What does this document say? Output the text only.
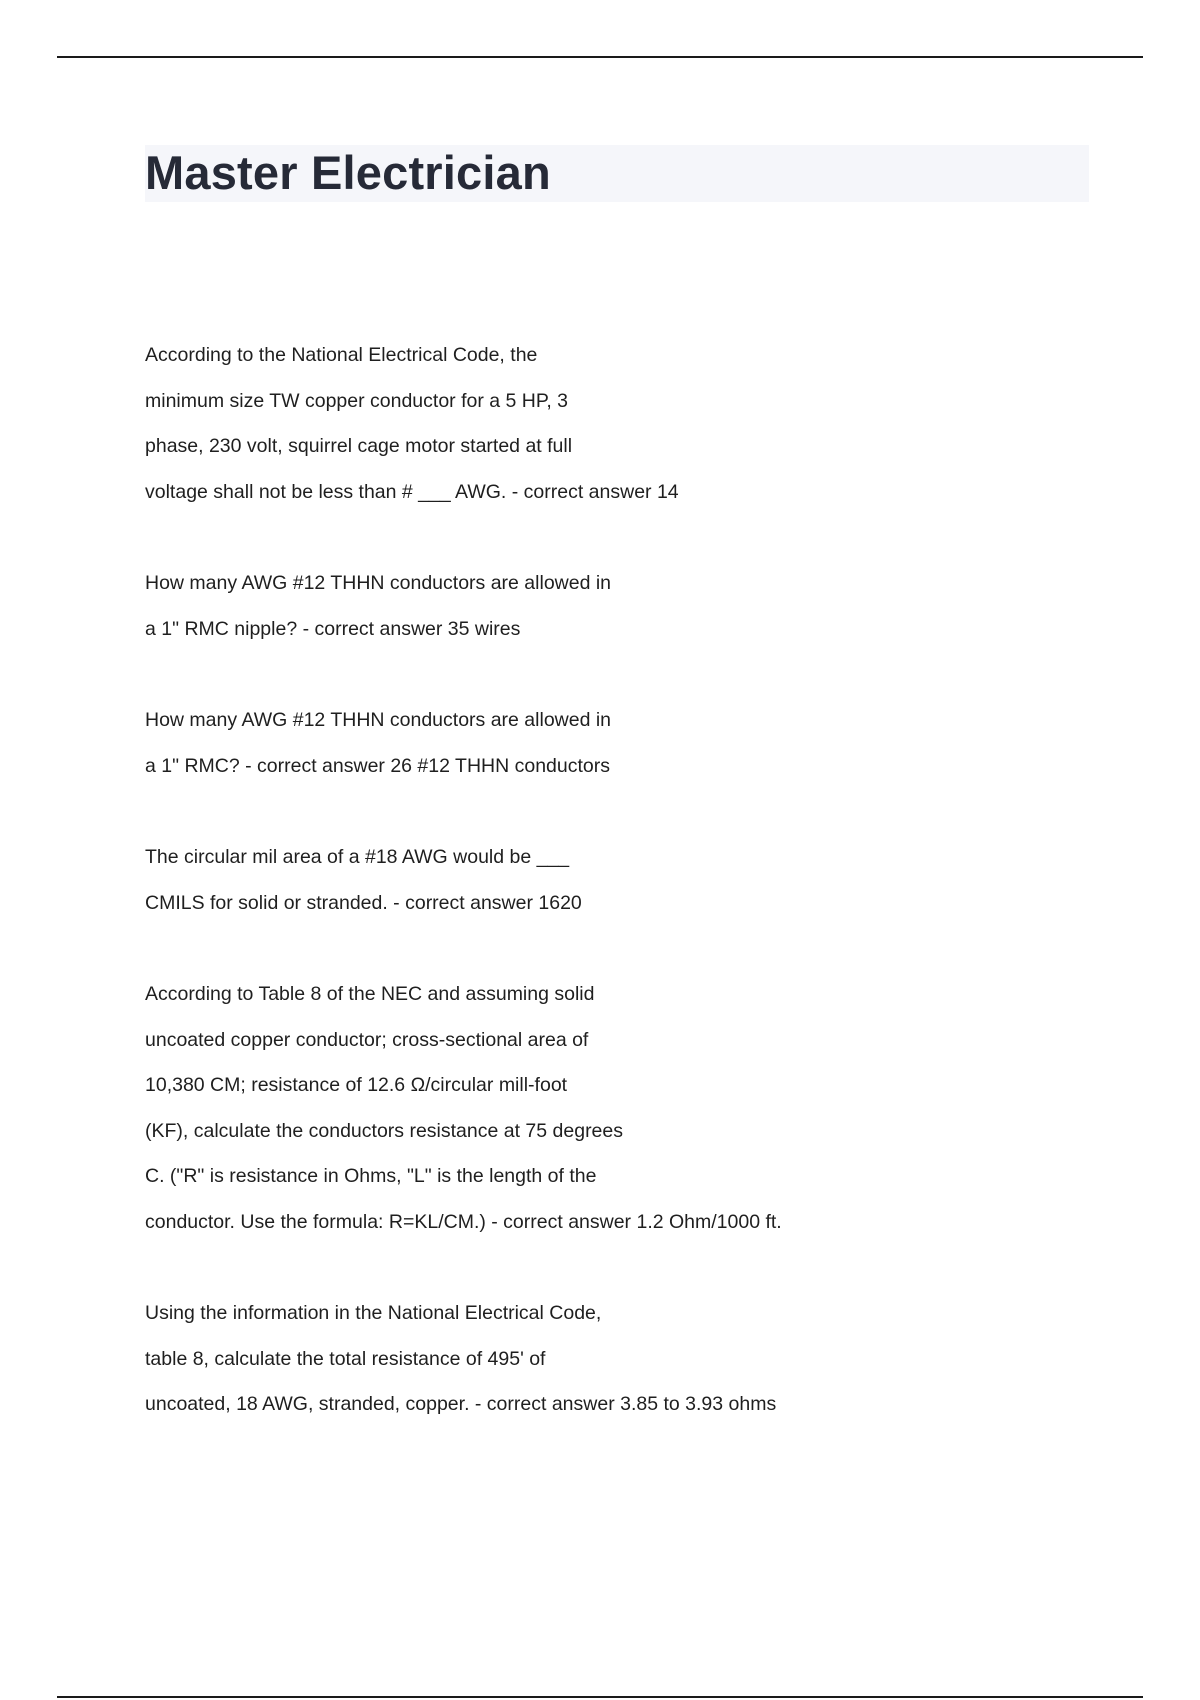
Master Electrician
According to the National Electrical Code, the
minimum size TW copper conductor for a 5 HP, 3
phase, 230 volt, squirrel cage motor started at full
voltage shall not be less than # ___ AWG. - correct answer 14
How many AWG #12 THHN conductors are allowed in
a 1" RMC nipple? - correct answer 35 wires
How many AWG #12 THHN conductors are allowed in
a 1" RMC? - correct answer 26 #12 THHN conductors
The circular mil area of a #18 AWG would be ___
CMILS for solid or stranded. - correct answer 1620
According to Table 8 of the NEC and assuming solid
uncoated copper conductor; cross-sectional area of
10,380 CM; resistance of 12.6 Ω/circular mill-foot
(KF), calculate the conductors resistance at 75 degrees
C. ("R" is resistance in Ohms, "L" is the length of the
conductor. Use the formula: R=KL/CM.) - correct answer 1.2 Ohm/1000 ft.
Using the information in the National Electrical Code,
table 8, calculate the total resistance of 495' of
uncoated, 18 AWG, stranded, copper. - correct answer 3.85 to 3.93 ohms
